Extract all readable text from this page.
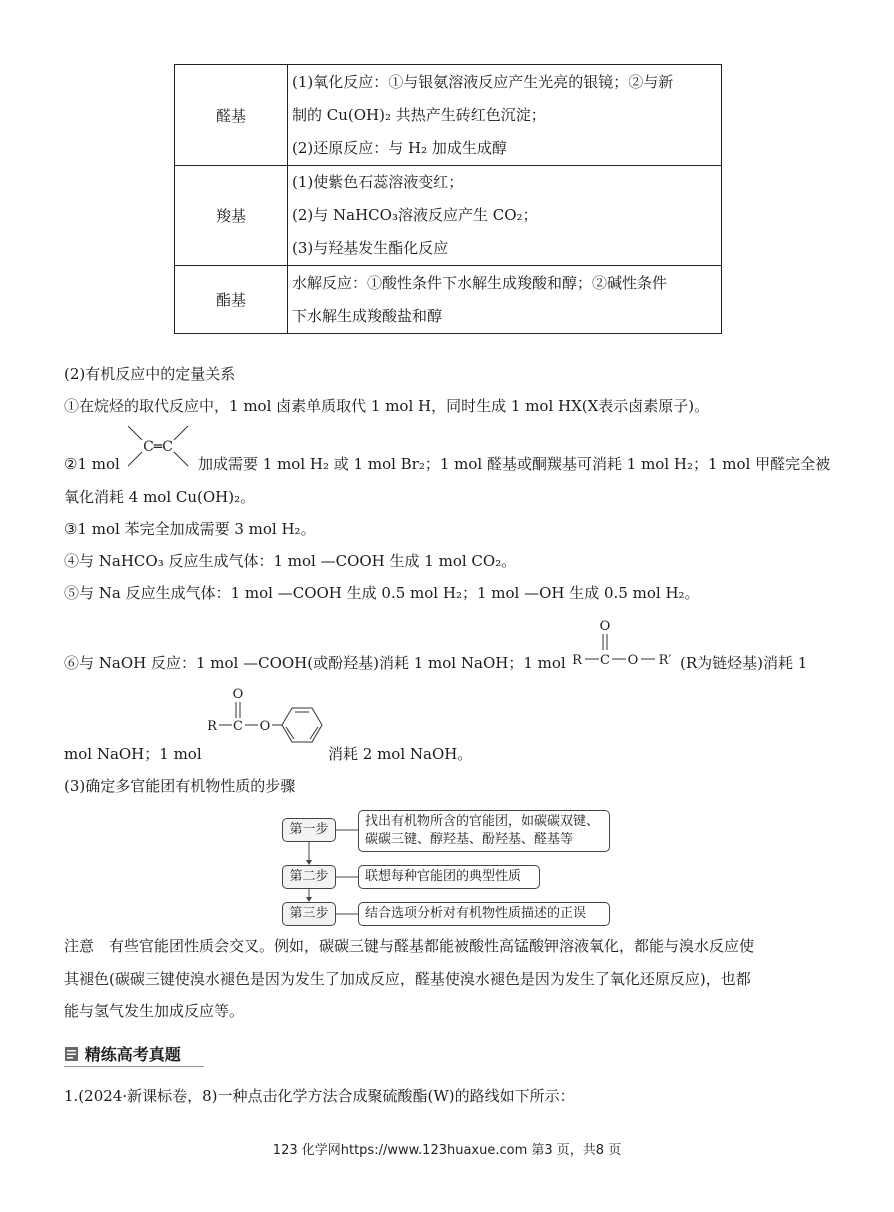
醛基	(1)氧化反应：①与银氨溶液反应产生光亮的银镜；②与新
制的 Cu(OH)₂ 共热产生砖红色沉淀；
(2)还原反应：与 H₂ 加成生成醇

羧基	(1)使紫色石蕊溶液变红；
(2)与 NaHCO₃溶液反应产生 CO₂；
(3)与羟基发生酯化反应

酯基	水解反应：①酸性条件下水解生成羧酸和醇；②碱性条件
下水解生成羧酸盐和醇
(2)有机反应中的定量关系
①在烷烃的取代反应中，1 mol 卤素单质取代 1 mol H，同时生成 1 mol HX(X表示卤素原子)。
②1 mol
C═C
加成需要 1 mol H₂ 或 1 mol Br₂；1 mol 醛基或酮羰基可消耗 1 mol H₂；1 mol 甲醛完全被
氧化消耗 4 mol Cu(OH)₂。
③1 mol 苯完全加成需要 3 mol H₂。
④与 NaHCO₃ 反应生成气体：1 mol —COOH 生成 1 mol CO₂。
⑤与 Na 反应生成气体：1 mol —COOH 生成 0.5 mol H₂；1 mol —OH 生成 0.5 mol H₂。
⑥与 NaOH 反应：1 mol —COOH(或酚羟基)消耗 1 mol NaOH；1 mol
O
R C O R′ (R为链烃基)消耗 1
mol NaOH；1 mol
O
R C O
消耗 2 mol NaOH。
(3)确定多官能团有机物性质的步骤
第一步
找出有机物所含的官能团，如碳碳双键、
碳碳三键、醇羟基、酚羟基、醛基等
第二步	联想每种官能团的典型性质
第三步	结合选项分析对有机物性质描述的正误
注意　有些官能团性质会交叉。例如，碳碳三键与醛基都能被酸性高锰酸钾溶液氧化，都能与溴水反应使
其褪色(碳碳三键使溴水褪色是因为发生了加成反应，醛基使溴水褪色是因为发生了氧化还原反应)，也都
能与氢气发生加成反应等。
精练高考真题
1.(2024·新课标卷，8)一种点击化学方法合成聚硫酸酯(W)的路线如下所示：
123 化学网https://www.123huaxue.com 第3 页，共8 页
